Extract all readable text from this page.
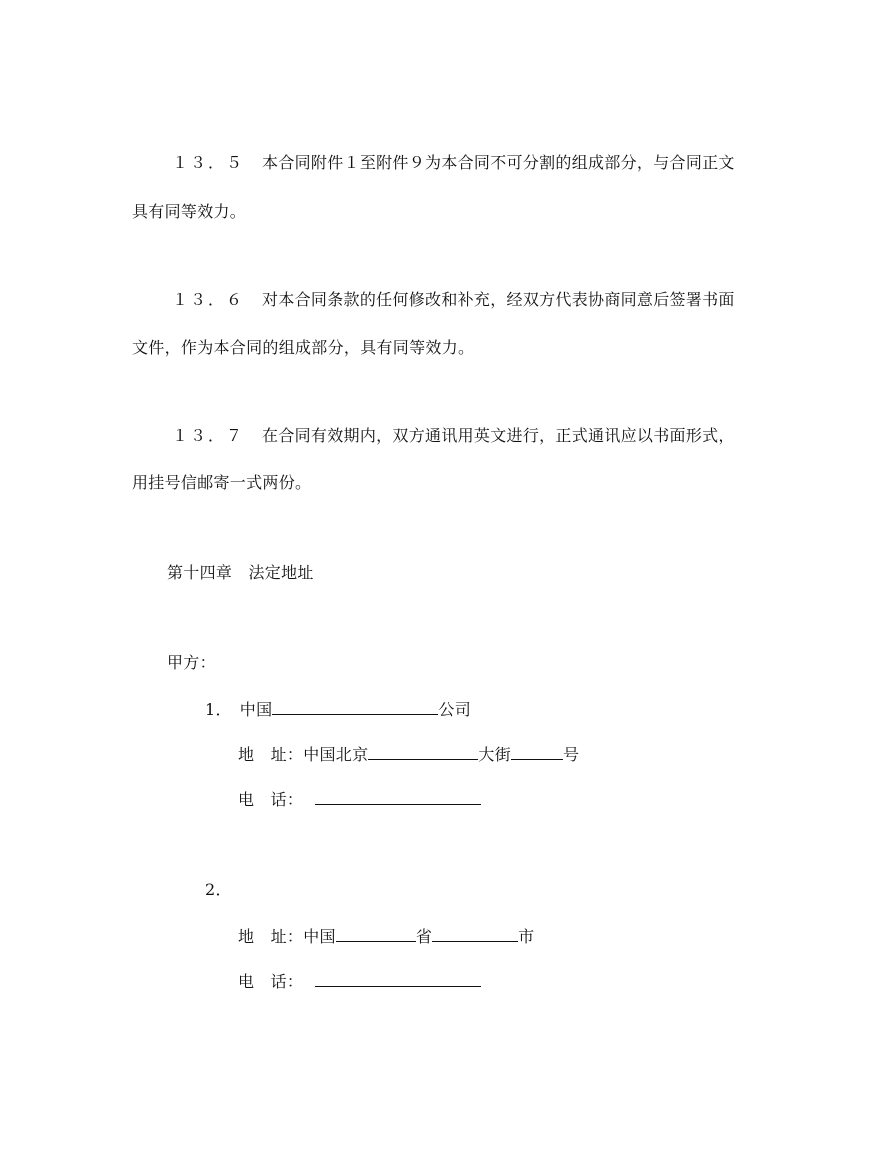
１３．５ 本合同附件１至附件９为本合同不可分割的组成部分，与合同正文
具有同等效力。
１３．６ 对本合同条款的任何修改和补充，经双方代表协商同意后签署书面
文件，作为本合同的组成部分，具有同等效力。
１３．７ 在合同有效期内，双方通讯用英文进行，正式通讯应以书面形式，
用挂号信邮寄一式两份。
第十四章　法定地址
甲方：
1． 中国	公司
地　址：中国北京	大街	号
电　话：
2．
地　址：中国	省	市
电　话：
